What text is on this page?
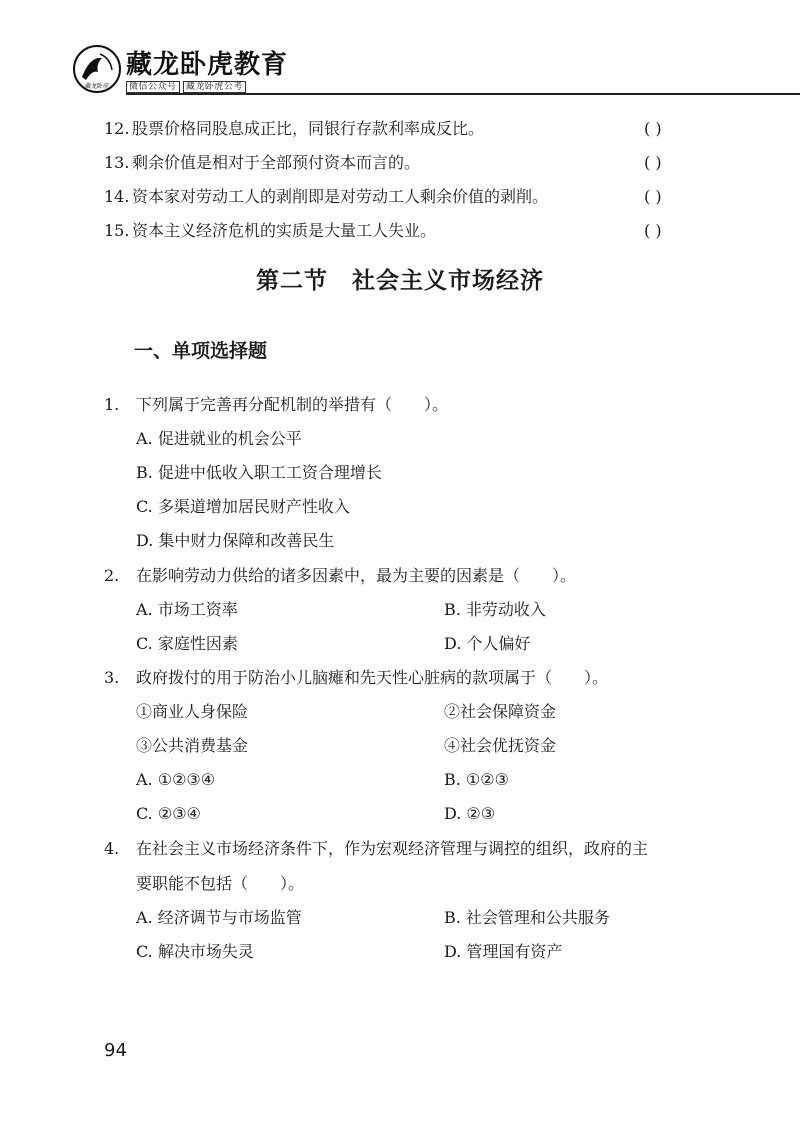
藏龙卧虎
藏龙卧虎教育
微信公众号 藏龙卧虎公考
12. 股票价格同股息成正比，同银行存款利率成反比。	( )
13. 剩余价值是相对于全部预付资本而言的。	( )
14. 资本家对劳动工人的剥削即是对劳动工人剩余价值的剥削。	( )
15. 资本主义经济危机的实质是大量工人失业。	( )
第二节　社会主义市场经济
一、单项选择题
1.	下列属于完善再分配机制的举措有（　　）。
A. 促进就业的机会公平
B. 促进中低收入职工工资合理增长
C. 多渠道增加居民财产性收入
D. 集中财力保障和改善民生
2.	在影响劳动力供给的诸多因素中，最为主要的因素是（　　）。
A. 市场工资率	B. 非劳动收入
C. 家庭性因素	D. 个人偏好
3.	政府拨付的用于防治小儿脑瘫和先天性心脏病的款项属于（　　）。
①商业人身保险	②社会保障资金
③公共消费基金	④社会优抚资金
A. ①②③④	B. ①②③
C. ②③④	D. ②③
4.	在社会主义市场经济条件下，作为宏观经济管理与调控的组织，政府的主
要职能不包括（　　）。
A. 经济调节与市场监管	B. 社会管理和公共服务
C. 解决市场失灵	D. 管理国有资产
94
